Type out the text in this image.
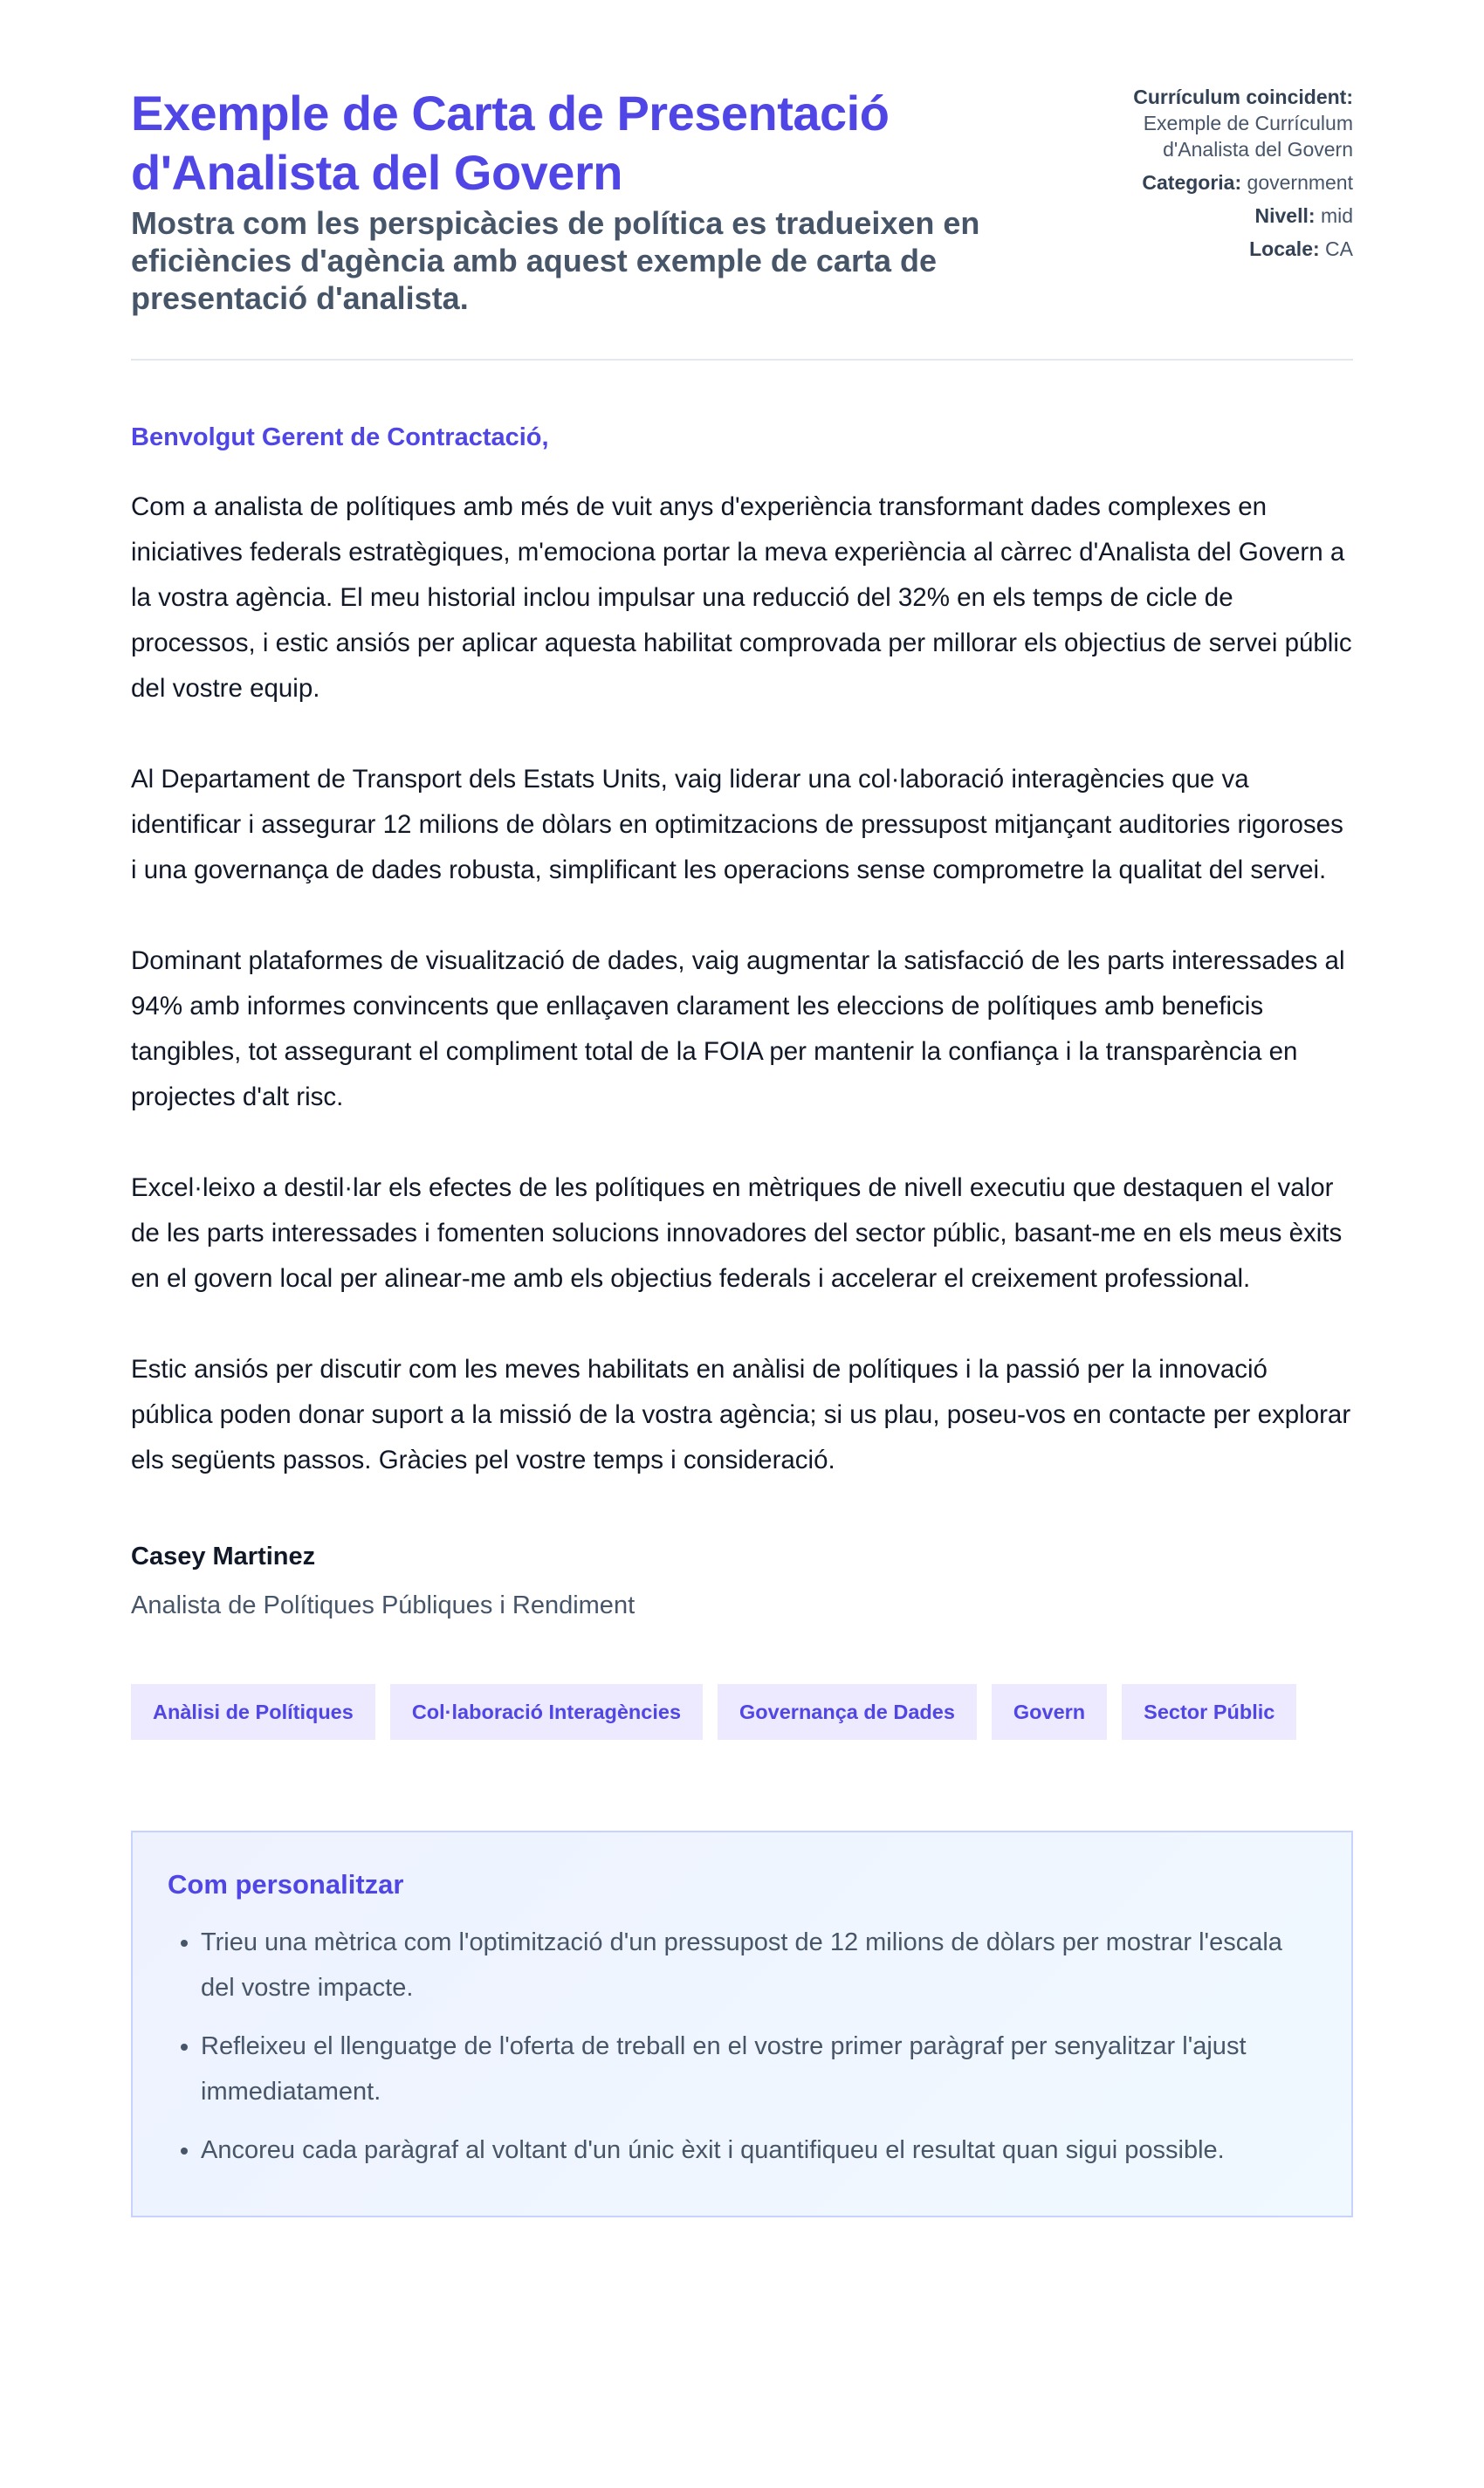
Exemple de Carta de Presentació d'Analista del Govern

Mostra com les perspicàcies de política es tradueixen en eficiències d'agència amb aquest exemple de carta de presentació d'analista.

Currículum coincident:
Exemple de Currículum d'Analista del Govern
Categoria: government
Nivell: mid
Locale: CA
Benvolgut Gerent de Contractació,

Com a analista de polítiques amb més de vuit anys d'experiència transformant dades complexes en iniciatives federals estratègiques, m'emociona portar la meva experiència al càrrec d'Analista del Govern a la vostra agència. El meu historial inclou impulsar una reducció del 32% en els temps de cicle de processos, i estic ansiós per aplicar aquesta habilitat comprovada per millorar els objectius de servei públic del vostre equip.

Al Departament de Transport dels Estats Units, vaig liderar una col·laboració interagències que va identificar i assegurar 12 milions de dòlars en optimitzacions de pressupost mitjançant auditories rigoroses i una governança de dades robusta, simplificant les operacions sense comprometre la qualitat del servei.

Dominant plataformes de visualització de dades, vaig augmentar la satisfacció de les parts interessades al 94% amb informes convincents que enllaçaven clarament les eleccions de polítiques amb beneficis tangibles, tot assegurant el compliment total de la FOIA per mantenir la confiança i la transparència en projectes d'alt risc.

Excel·leixo a destil·lar els efectes de les polítiques en mètriques de nivell executiu que destaquen el valor de les parts interessades i fomenten solucions innovadores del sector públic, basant-me en els meus èxits en el govern local per alinear-me amb els objectius federals i accelerar el creixement professional.

Estic ansiós per discutir com les meves habilitats en anàlisi de polítiques i la passió per la innovació pública poden donar suport a la missió de la vostra agència; si us plau, poseu-vos en contacte per explorar els següents passos. Gràcies pel vostre temps i consideració.

Casey Martinez
Analista de Polítiques Públiques i Rendiment
Anàlisi de Polítiques	Col·laboració Interagències	Governança de Dades	Govern	Sector Públic
Com personalitzar
• Trieu una mètrica com l'optimització d'un pressupost de 12 milions de dòlars per mostrar l'escala del vostre impacte.
• Refleixeu el llenguatge de l'oferta de treball en el vostre primer paràgraf per senyalitzar l'ajust immediatament.
• Ancoreu cada paràgraf al voltant d'un únic èxit i quantifiqueu el resultat quan sigui possible.
